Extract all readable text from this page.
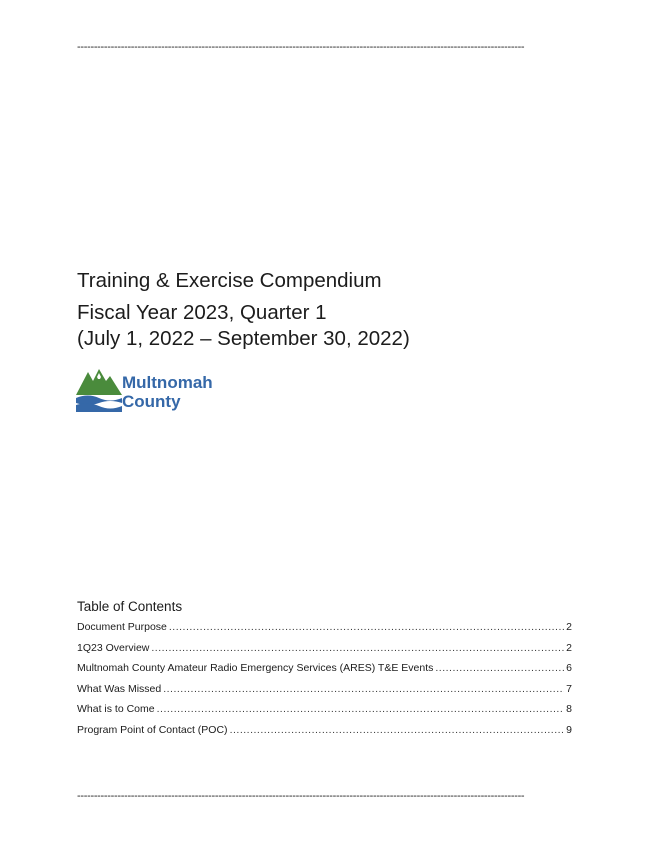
-------------------------------------------------------------------------------------------------------------------------------------
Training & Exercise Compendium
Fiscal Year 2023, Quarter 1
(July 1, 2022 – September 30, 2022)
Multnomah
County
Table of Contents
Document Purpose .....	2
1Q23 Overview .....	2
Multnomah County Amateur Radio Emergency Services (ARES) T&E Events .....	6
What Was Missed .....	7
What is to Come .....	8
Program Point of Contact (POC) .....	9
-------------------------------------------------------------------------------------------------------------------------------------
